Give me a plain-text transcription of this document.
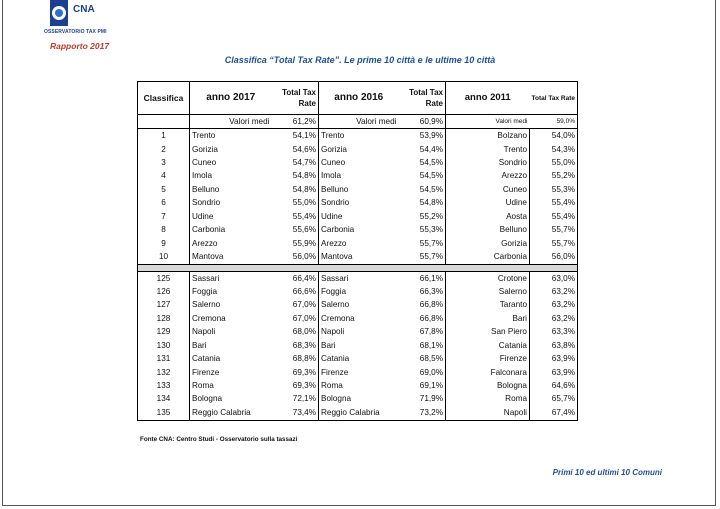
CNA
OSSERVATORIO TAX PMI
Rapporto 2017
Classifica “Total Tax Rate”. Le prime 10 città e le ultime 10 città
Classifica	anno 2017	Total Tax Rate	anno 2016	Total Tax Rate	anno 2011	Total Tax Rate
	Valori medi	61,2%	Valori medi	60,9%	Valori medi	59,0%
1	Trento	54,1%	Trento	53,9%	Bolzano	54,0%
2	Gorizia	54,6%	Gorizia	54,4%	Trento	54,3%
3	Cuneo	54,7%	Cuneo	54,5%	Sondrio	55,0%
4	Imola	54,8%	Imola	54,5%	Arezzo	55,2%
5	Belluno	54,8%	Belluno	54,5%	Cuneo	55,3%
6	Sondrio	55,0%	Sondrio	54,8%	Udine	55,4%
7	Udine	55,4%	Udine	55,2%	Aosta	55,4%
8	Carbonia	55,6%	Carbonia	55,3%	Belluno	55,7%
9	Arezzo	55,9%	Arezzo	55,7%	Gorizia	55,7%
10	Mantova	56,0%	Mantova	55,7%	Carbonia	56,0%

125	Sassari	66,4%	Sassari	66,1%	Crotone	63,0%
126	Foggia	66,6%	Foggia	66,3%	Salerno	63,2%
127	Salerno	67,0%	Salerno	66,8%	Taranto	63,2%
128	Cremona	67,0%	Cremona	66,8%	Bari	63,2%
129	Napoli	68,0%	Napoli	67,8%	San Piero	63,3%
130	Bari	68,3%	Bari	68,1%	Catania	63,8%
131	Catania	68,8%	Catania	68,5%	Firenze	63,9%
132	Firenze	69,3%	Firenze	69,0%	Falconara	63,9%
133	Roma	69,3%	Roma	69,1%	Bologna	64,6%
134	Bologna	72,1%	Bologna	71,9%	Roma	65,7%
135	Reggio Calabria	73,4%	Reggio Calabria	73,2%	Napoli	67,4%
Fonte CNA: Centro Studi - Osservatorio sulla tassazi
Primi 10 ed ultimi 10 Comuni
